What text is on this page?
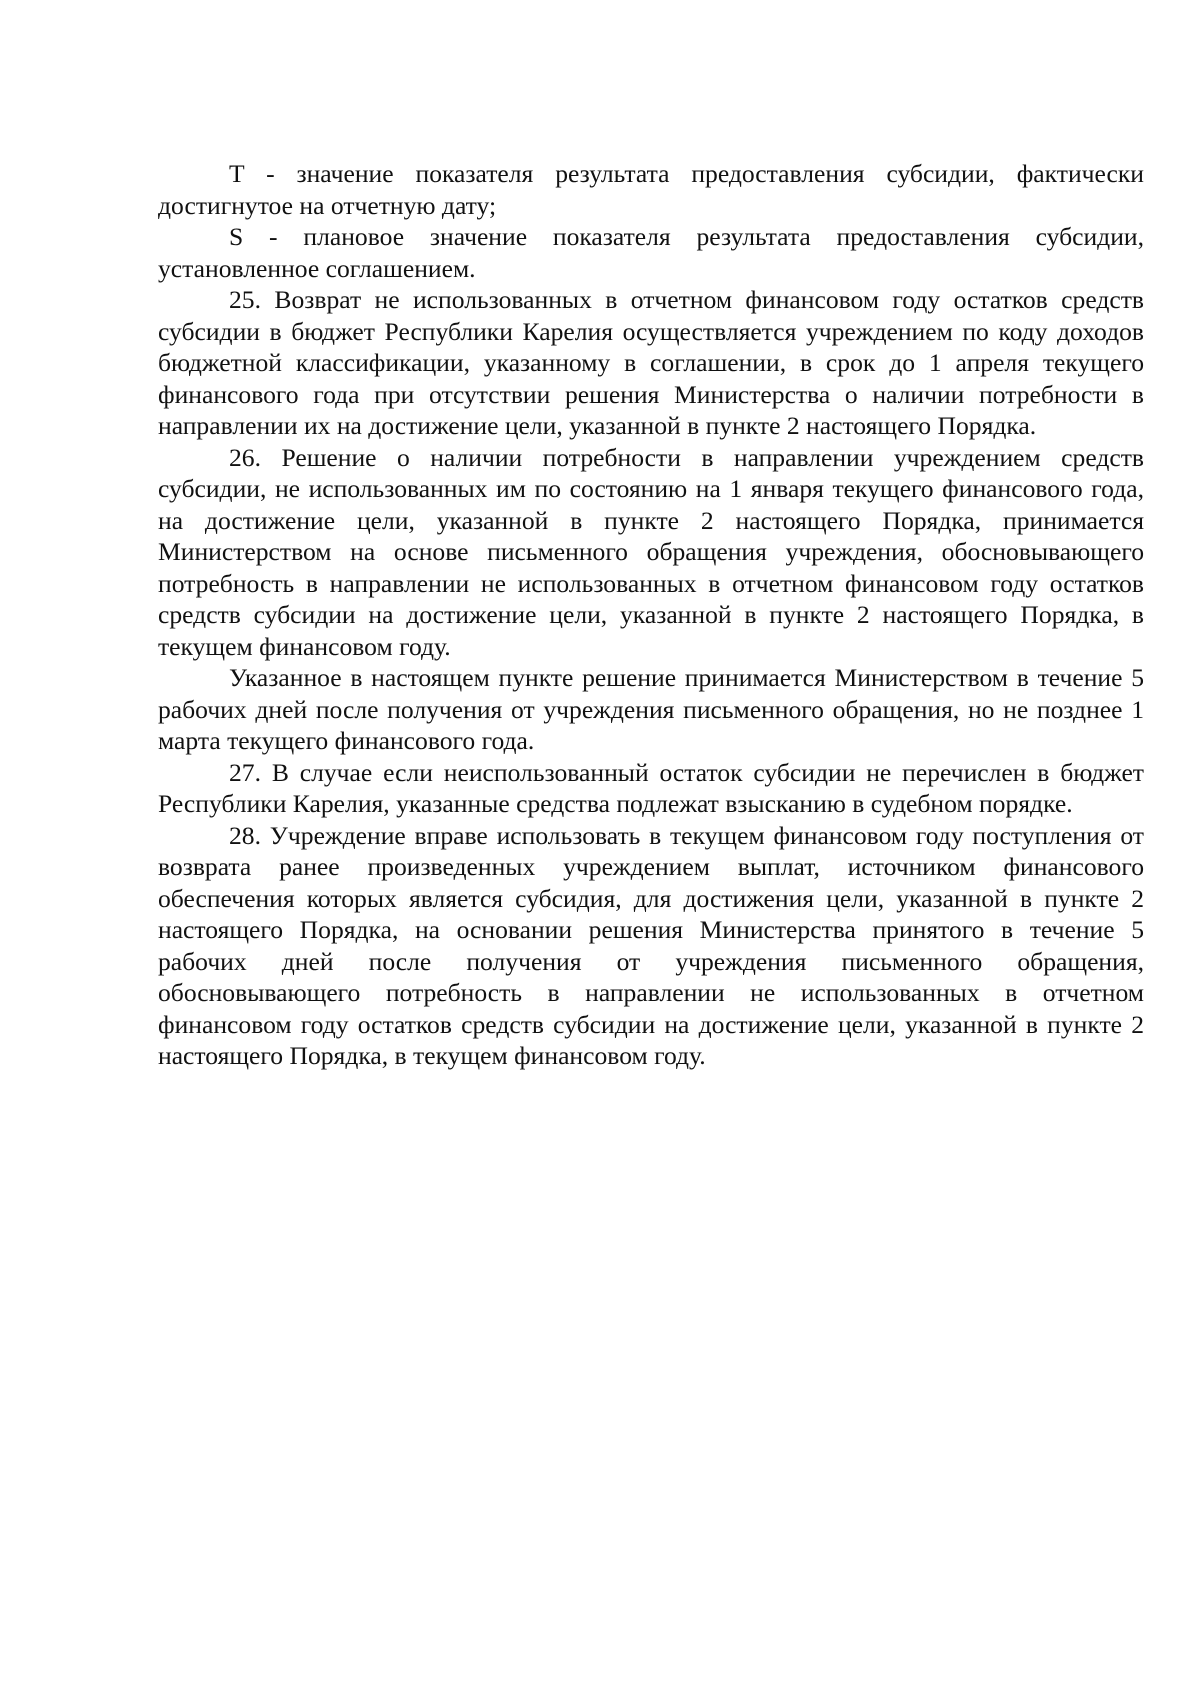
T - значение показателя результата предоставления субсидии, фактически достигнутое на отчетную дату;

S - плановое значение показателя результата предоставления субсидии, установленное соглашением.

25. Возврат не использованных в отчетном финансовом году остатков средств субсидии в бюджет Республики Карелия осуществляется учреждением по коду доходов бюджетной классификации, указанному в соглашении, в срок до 1 апреля текущего финансового года при отсутствии решения Министерства о наличии потребности в направлении их на достижение цели, указанной в пункте 2 настоящего Порядка.

26. Решение о наличии потребности в направлении учреждением средств субсидии, не использованных им по состоянию на 1 января текущего финансового года, на достижение цели, указанной в пункте 2 настоящего Порядка, принимается Министерством на основе письменного обращения учреждения, обосновывающего потребность в направлении не использованных в отчетном финансовом году остатков средств субсидии на достижение цели, указанной в пункте 2 настоящего Порядка, в текущем финансовом году.

Указанное в настоящем пункте решение принимается Министерством в течение 5 рабочих дней после получения от учреждения письменного обращения, но не позднее 1 марта текущего финансового года.

27. В случае если неиспользованный остаток субсидии не перечислен в бюджет Республики Карелия, указанные средства подлежат взысканию в судебном порядке.

28. Учреждение вправе использовать в текущем финансовом году поступления от возврата ранее произведенных учреждением выплат, источником финансового обеспечения которых является субсидия, для достижения цели, указанной в пункте 2 настоящего Порядка, на основании решения Министерства принятого в течение 5 рабочих дней после получения от учреждения письменного обращения, обосновывающего потребность в направлении не использованных в отчетном финансовом году остатков средств субсидии на достижение цели, указанной в пункте 2 настоящего Порядка, в текущем финансовом году.
